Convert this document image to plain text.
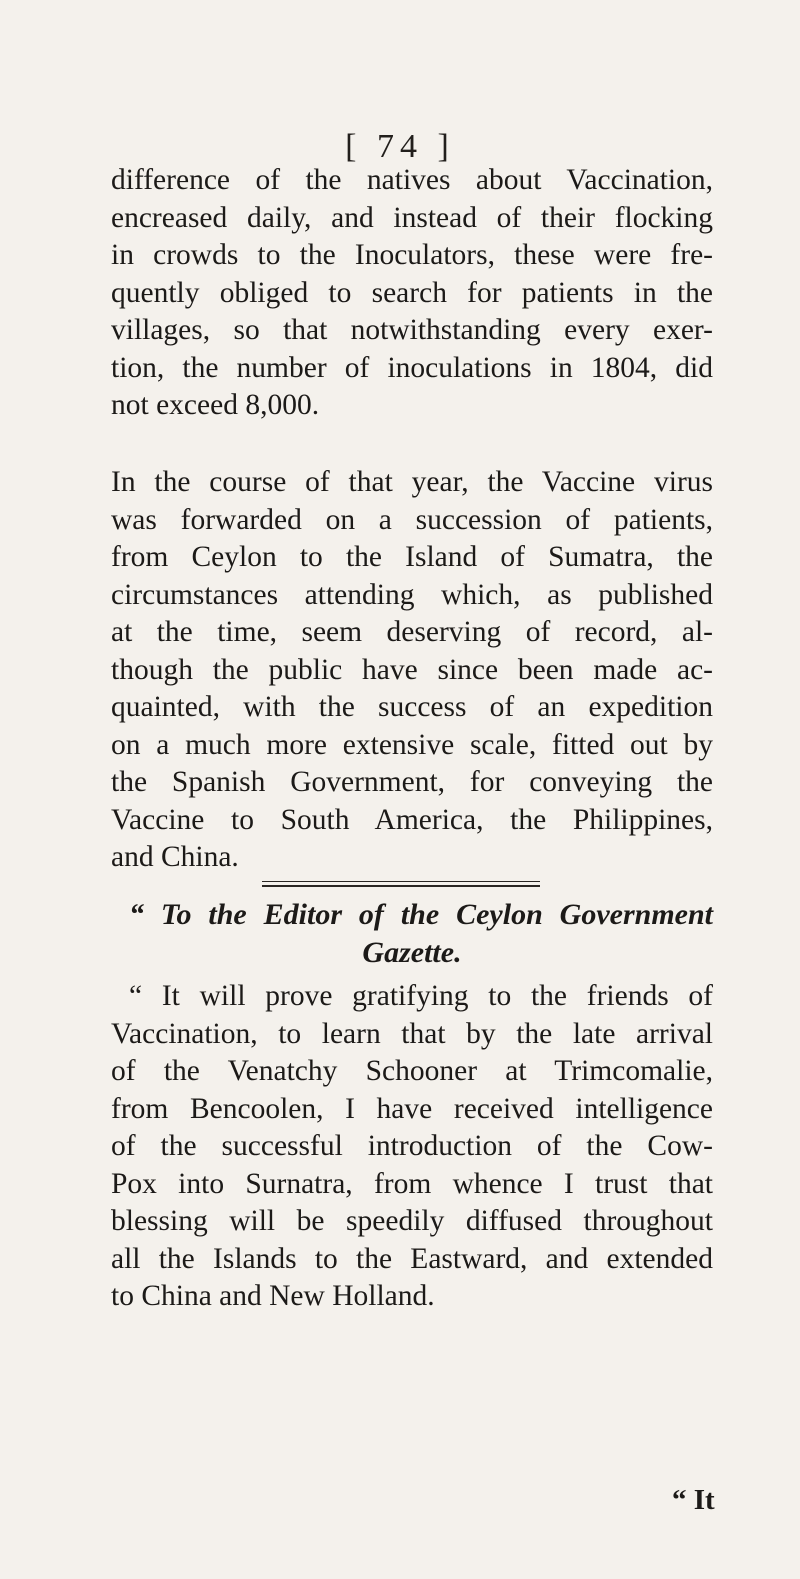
[ 74 ]
difference of the natives about Vaccination,
encreased daily, and instead of their flocking
in crowds to the Inoculators, these were fre-
quently obliged to search for patients in the
villages, so that notwithstanding every exer-
tion, the number of inoculations in 1804, did
not exceed 8,000.
In the course of that year, the Vaccine virus
was forwarded on a succession of patients,
from Ceylon to the Island of Sumatra, the
circumstances attending which, as published
at the time, seem deserving of record, al-
though the public have since been made ac-
quainted, with the success of an expedition
on a much more extensive scale, fitted out by
the Spanish Government, for conveying the
Vaccine to South America, the Philippines,
and China.
“ To the Editor of the Ceylon Government
Gazette.
“ It will prove gratifying to the friends of
Vaccination, to learn that by the late arrival
of the Venatchy Schooner at Trimcomalie,
from Bencoolen, I have received intelligence
of the successful introduction of the Cow-
Pox into Surnatra, from whence I trust that
blessing will be speedily diffused throughout
all the Islands to the Eastward, and extended
to China and New Holland.
“ It
